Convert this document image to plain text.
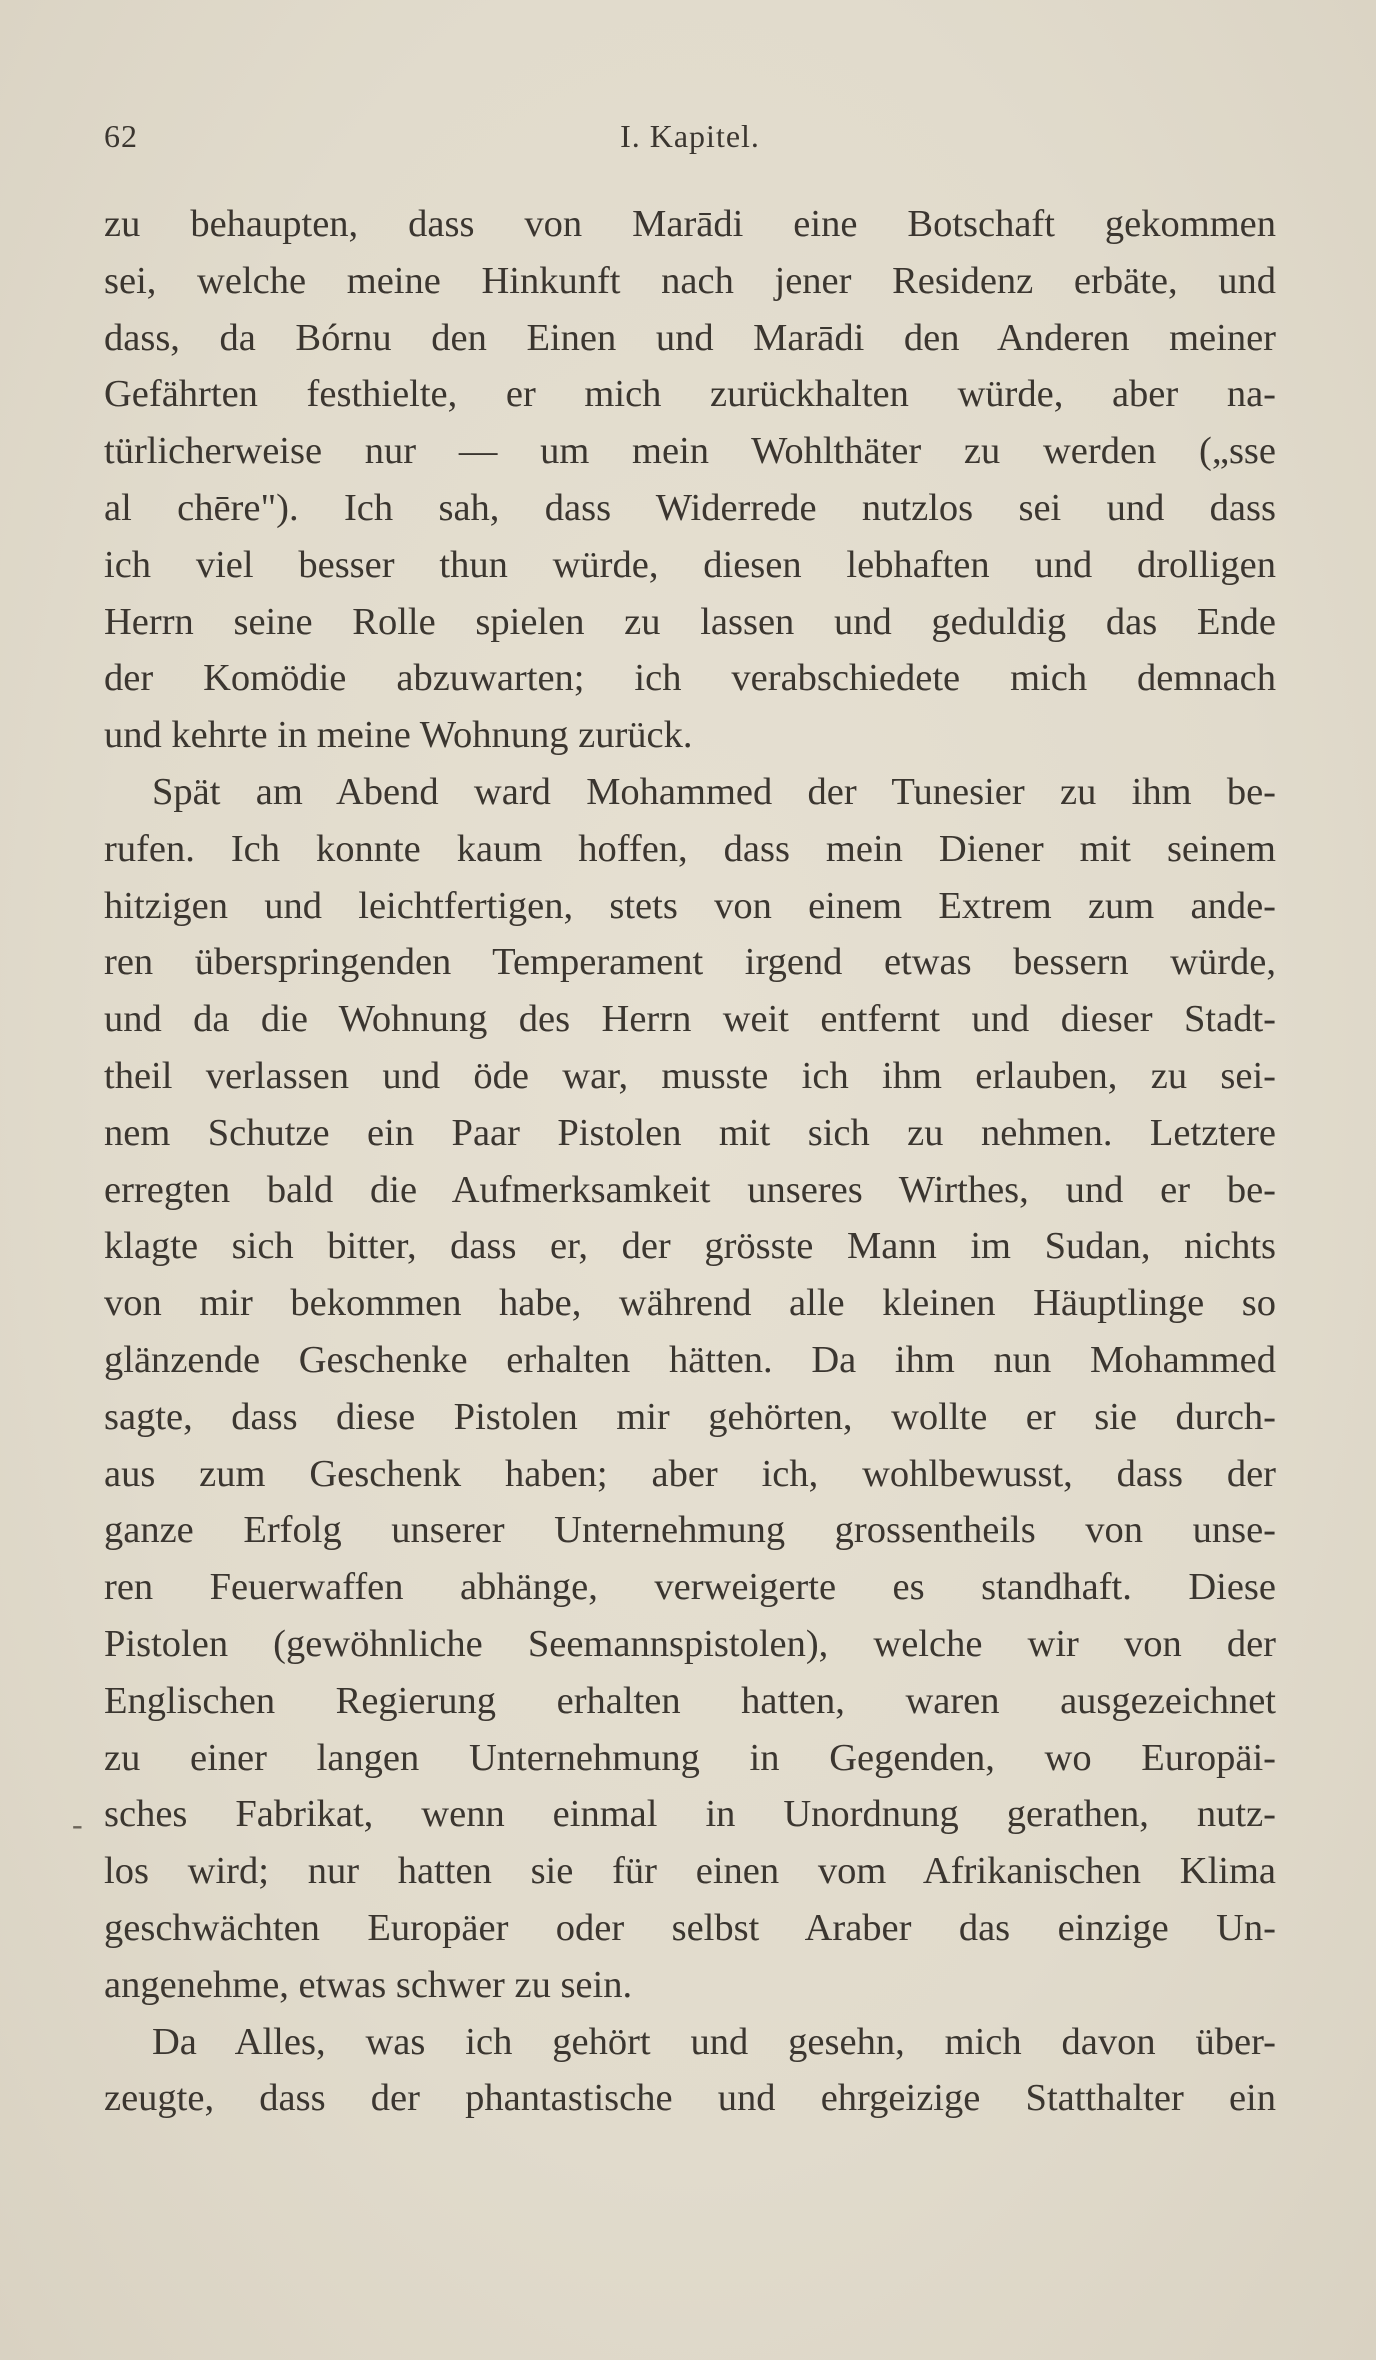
62	I. Kapitel.
-
zu behaupten, dass von Marādi eine Botschaft gekommen
sei, welche meine Hinkunft nach jener Residenz erbäte, und
dass, da Bórnu den Einen und Marādi den Anderen meiner
Gefährten festhielte, er mich zurückhalten würde, aber na-
türlicherweise nur — um mein Wohlthäter zu werden („sse
al chēre"). Ich sah, dass Widerrede nutzlos sei und dass
ich viel besser thun würde, diesen lebhaften und drolligen
Herrn seine Rolle spielen zu lassen und geduldig das Ende
der Komödie abzuwarten; ich verabschiedete mich demnach
und kehrte in meine Wohnung zurück.
Spät am Abend ward Mohammed der Tunesier zu ihm be-
rufen. Ich konnte kaum hoffen, dass mein Diener mit seinem
hitzigen und leichtfertigen, stets von einem Extrem zum ande-
ren überspringenden Temperament irgend etwas bessern würde,
und da die Wohnung des Herrn weit entfernt und dieser Stadt-
theil verlassen und öde war, musste ich ihm erlauben, zu sei-
nem Schutze ein Paar Pistolen mit sich zu nehmen. Letztere
erregten bald die Aufmerksamkeit unseres Wirthes, und er be-
klagte sich bitter, dass er, der grösste Mann im Sudan, nichts
von mir bekommen habe, während alle kleinen Häuptlinge so
glänzende Geschenke erhalten hätten. Da ihm nun Mohammed
sagte, dass diese Pistolen mir gehörten, wollte er sie durch-
aus zum Geschenk haben; aber ich, wohlbewusst, dass der
ganze Erfolg unserer Unternehmung grossentheils von unse-
ren Feuerwaffen abhänge, verweigerte es standhaft. Diese
Pistolen (gewöhnliche Seemannspistolen), welche wir von der
Englischen Regierung erhalten hatten, waren ausgezeichnet
zu einer langen Unternehmung in Gegenden, wo Europäi-
sches Fabrikat, wenn einmal in Unordnung gerathen, nutz-
los wird; nur hatten sie für einen vom Afrikanischen Klima
geschwächten Europäer oder selbst Araber das einzige Un-
angenehme, etwas schwer zu sein.
Da Alles, was ich gehört und gesehn, mich davon über-
zeugte, dass der phantastische und ehrgeizige Statthalter ein
